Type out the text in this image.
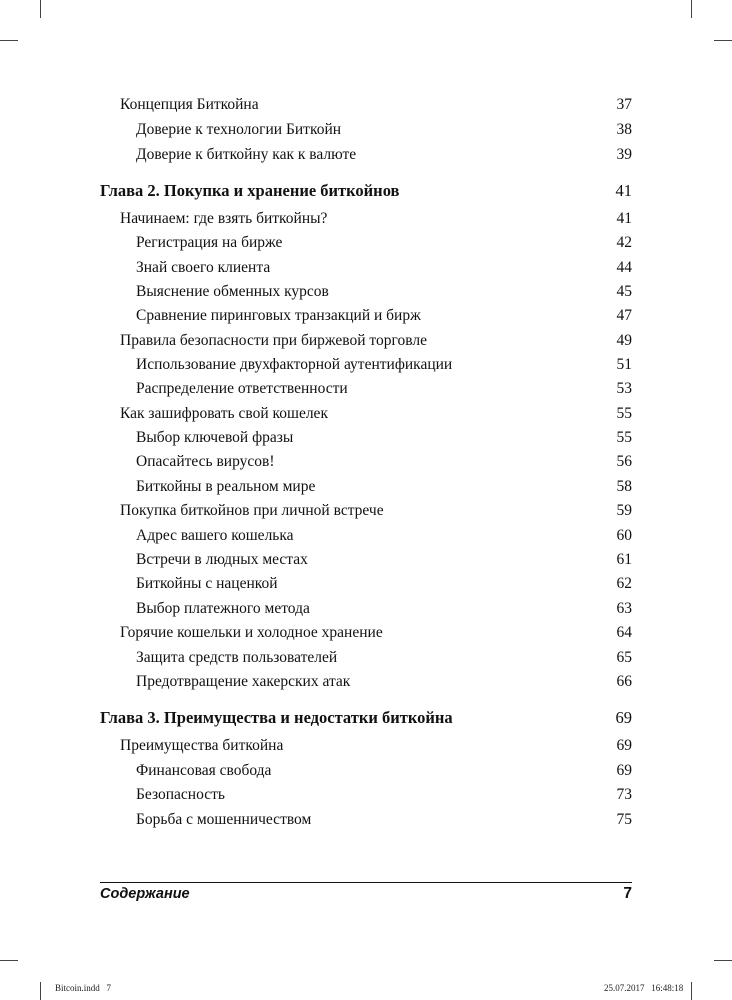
Концепция Биткойна	37
Доверие к технологии Биткойн	38
Доверие к биткойну как к валюте	39
Глава 2. Покупка и хранение биткойнов	41
Начинаем: где взять биткойны?	41
Регистрация на бирже	42
Знай своего клиента	44
Выяснение обменных курсов	45
Сравнение пиринговых транзакций и бирж	47
Правила безопасности при биржевой торговле	49
Использование двухфакторной аутентификации	51
Распределение ответственности	53
Как зашифровать свой кошелек	55
Выбор ключевой фразы	55
Опасайтесь вирусов!	56
Биткойны в реальном мире	58
Покупка биткойнов при личной встрече	59
Адрес вашего кошелька	60
Встречи в людных местах	61
Биткойны с наценкой	62
Выбор платежного метода	63
Горячие кошельки и холодное хранение	64
Защита средств пользователей	65
Предотвращение хакерских атак	66
Глава 3. Преимущества и недостатки биткойна	69
Преимущества биткойна	69
Финансовая свобода	69
Безопасность	73
Борьба с мошенничеством	75
Содержание	7
Bitcoin.indd   7	25.07.2017   16:48:18
